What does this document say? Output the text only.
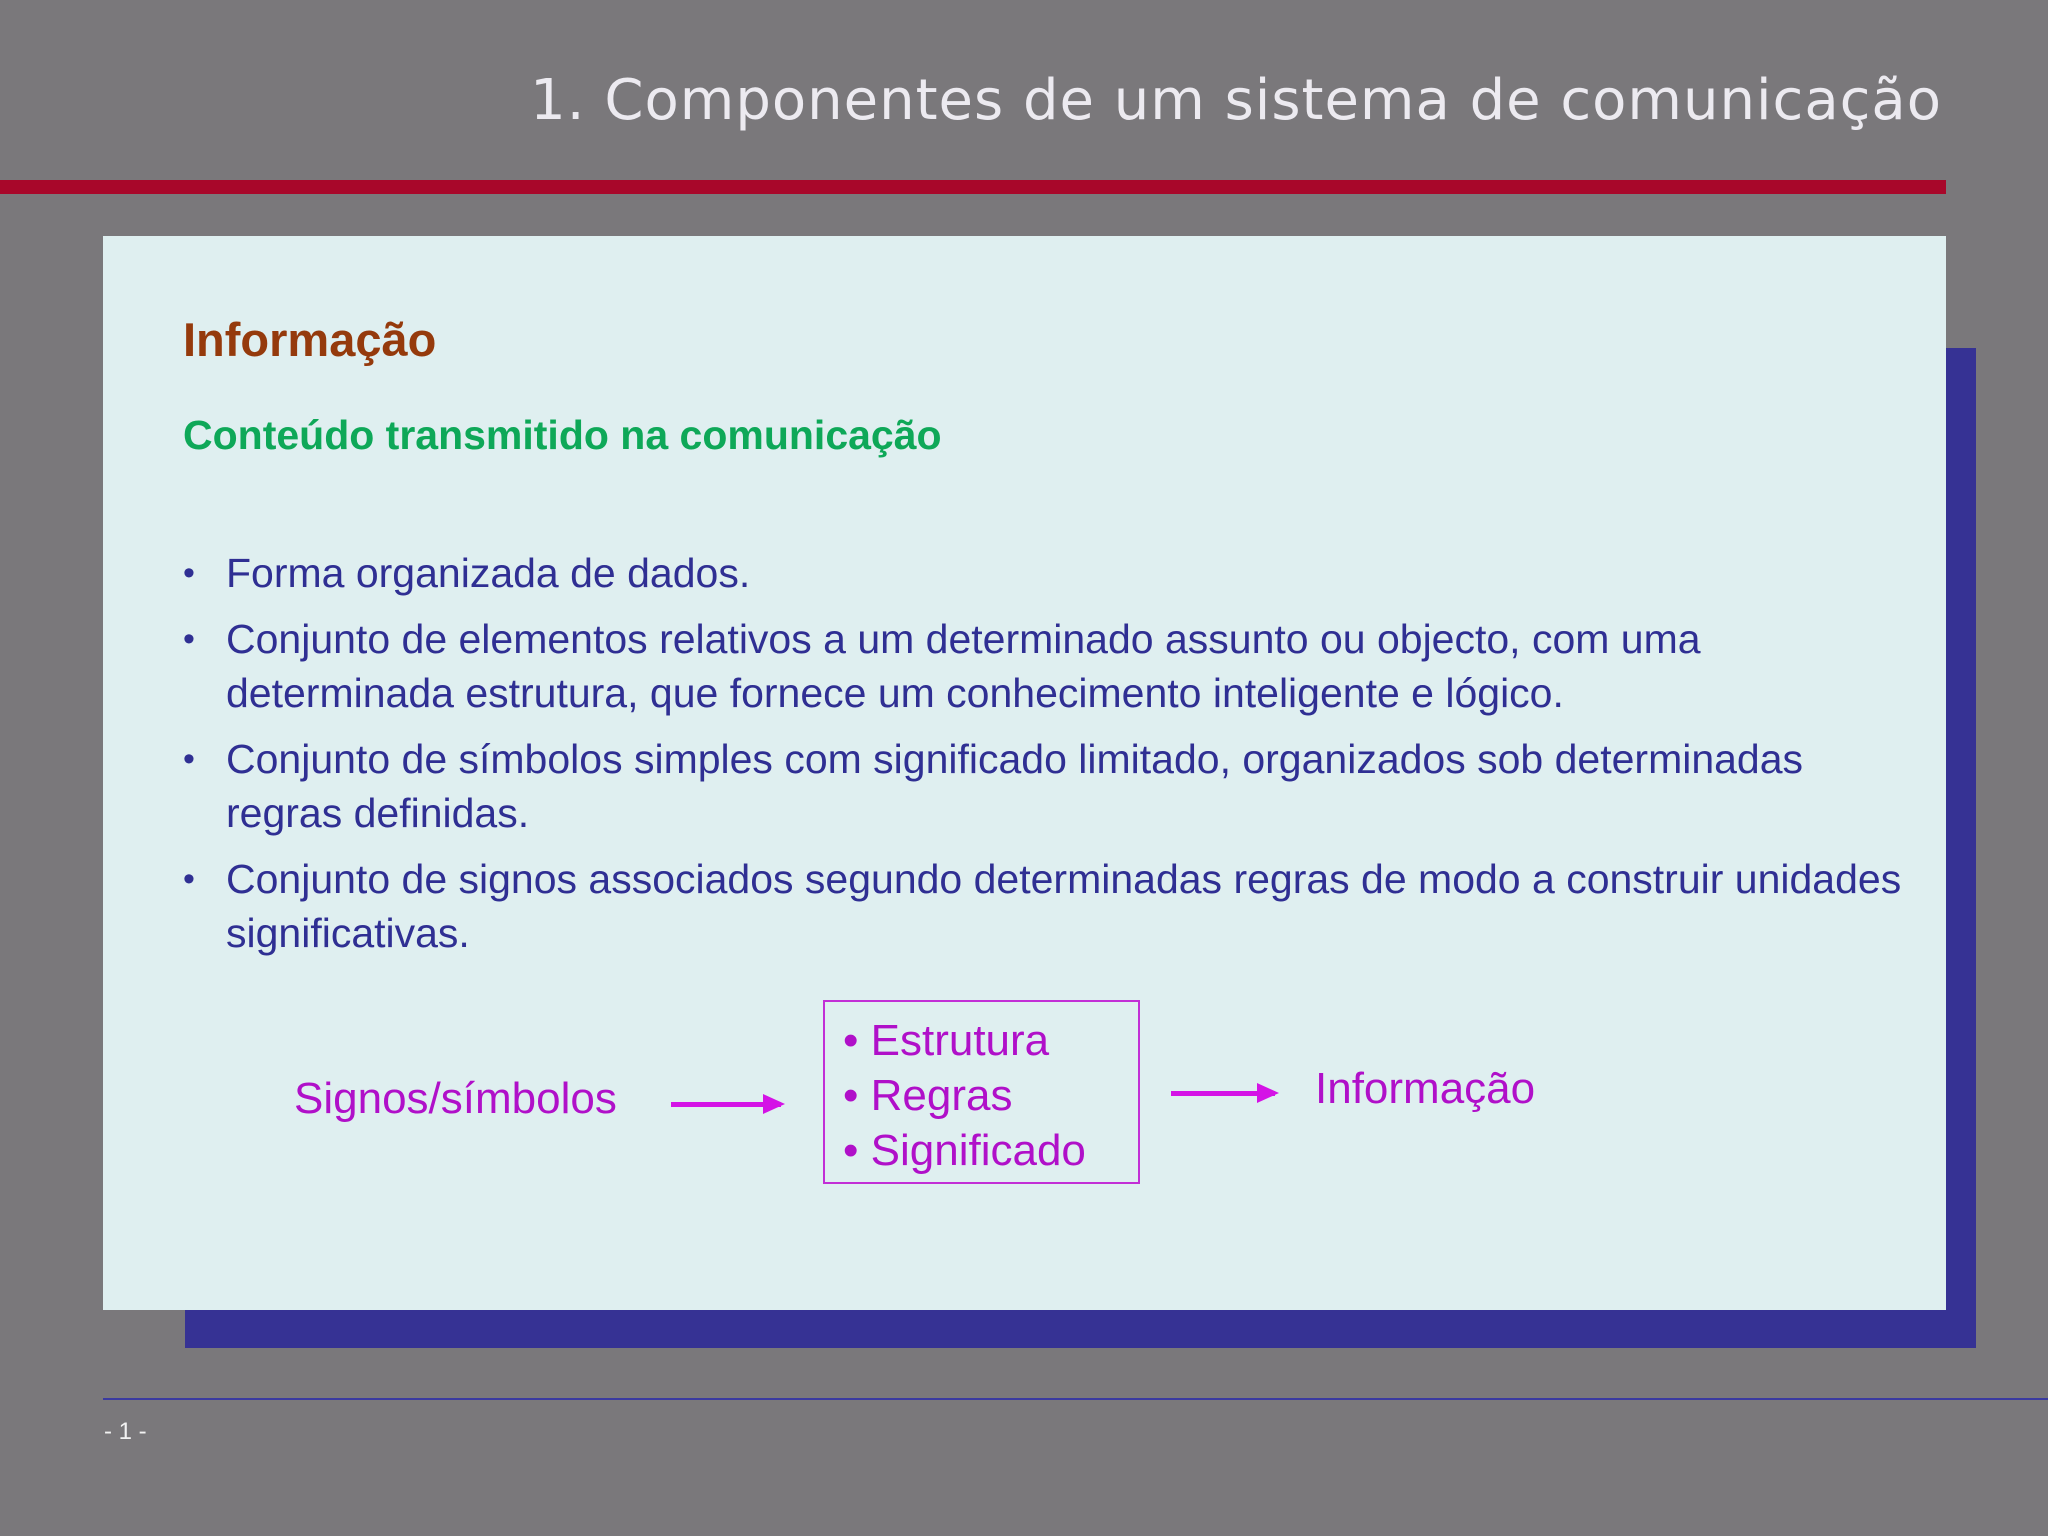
1. Componentes de um sistema de comunicação
Informação
Conteúdo transmitido na comunicação
• Forma organizada de dados.
• Conjunto de elementos relativos a um determinado assunto ou objecto, com uma determinada estrutura, que fornece um conhecimento inteligente e lógico.
• Conjunto de símbolos simples com significado limitado, organizados sob determinadas regras definidas.
• Conjunto de signos associados segundo determinadas regras de modo a construir unidades significativas.
Signos/símbolos
• Estrutura
• Regras
• Significado
Informação
- 1 -
